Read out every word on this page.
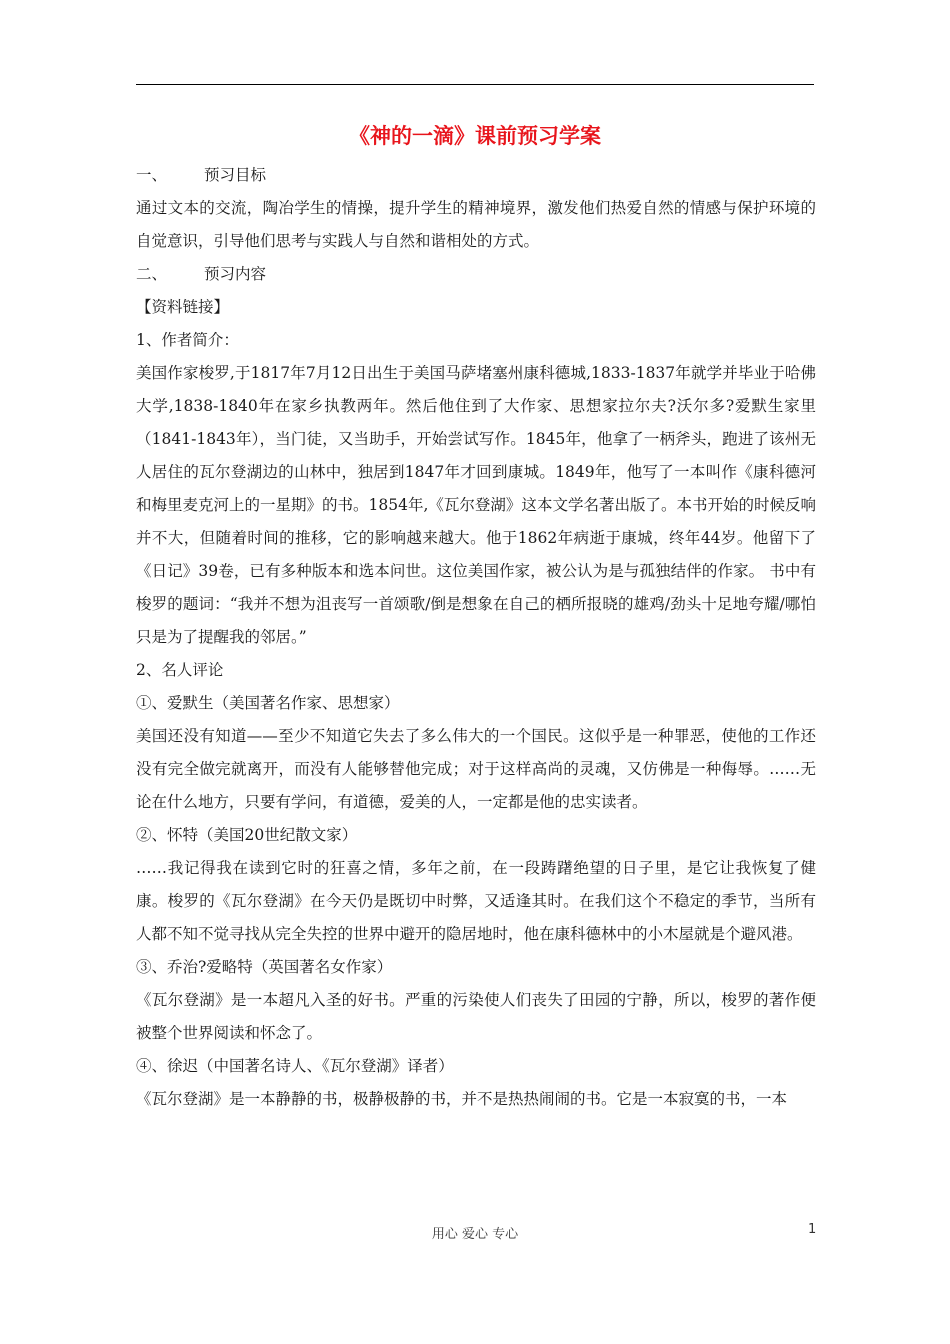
《神的一滴》课前预习学案
一、 预习目标
通过文本的交流，陶冶学生的情操，提升学生的精神境界，激发他们热爱自然的情感与保护环境的自觉意识，引导他们思考与实践人与自然和谐相处的方式。
二、 预习内容
【资料链接】
1、作者简介：
美国作家梭罗,于1817年7月12日出生于美国马萨堵塞州康科德城,1833-1837年就学并毕业于哈佛大学,1838-1840年在家乡执教两年。然后他住到了大作家、思想家拉尔夫?沃尔多?爱默生家里（1841-1843年），当门徒，又当助手，开始尝试写作。1845年，他拿了一柄斧头，跑进了该州无人居住的瓦尔登湖边的山林中，独居到1847年才回到康城。1849年，他写了一本叫作《康科德河和梅里麦克河上的一星期》的书。1854年,《瓦尔登湖》这本文学名著出版了。本书开始的时候反响并不大，但随着时间的推移，它的影响越来越大。他于1862年病逝于康城，终年44岁。他留下了《日记》39卷，已有多种版本和选本问世。这位美国作家，被公认为是与孤独结伴的作家。 书中有梭罗的题词：“我并不想为沮丧写一首颂歌/倒是想象在自己的栖所报晓的雄鸡/劲头十足地夸耀/哪怕只是为了提醒我的邻居。”
2、名人评论
①、爱默生（美国著名作家、思想家）
美国还没有知道——至少不知道它失去了多么伟大的一个国民。这似乎是一种罪恶，使他的工作还没有完全做完就离开，而没有人能够替他完成；对于这样高尚的灵魂，又仿佛是一种侮辱。……无论在什么地方，只要有学问，有道德，爱美的人，一定都是他的忠实读者。
②、怀特（美国20世纪散文家）
……我记得我在读到它时的狂喜之情，多年之前，在一段踌躇绝望的日子里，是它让我恢复了健康。梭罗的《瓦尔登湖》在今天仍是既切中时弊，又适逢其时。在我们这个不稳定的季节，当所有人都不知不觉寻找从完全失控的世界中避开的隐居地时，他在康科德林中的小木屋就是个避风港。
③、乔治?爱略特（英国著名女作家）
《瓦尔登湖》是一本超凡入圣的好书。严重的污染使人们丧失了田园的宁静，所以，梭罗的著作便被整个世界阅读和怀念了。
④、徐迟（中国著名诗人、《瓦尔登湖》译者）
《瓦尔登湖》是一本静静的书，极静极静的书，并不是热热闹闹的书。它是一本寂寞的书，一本
用心 爱心 专心	1
